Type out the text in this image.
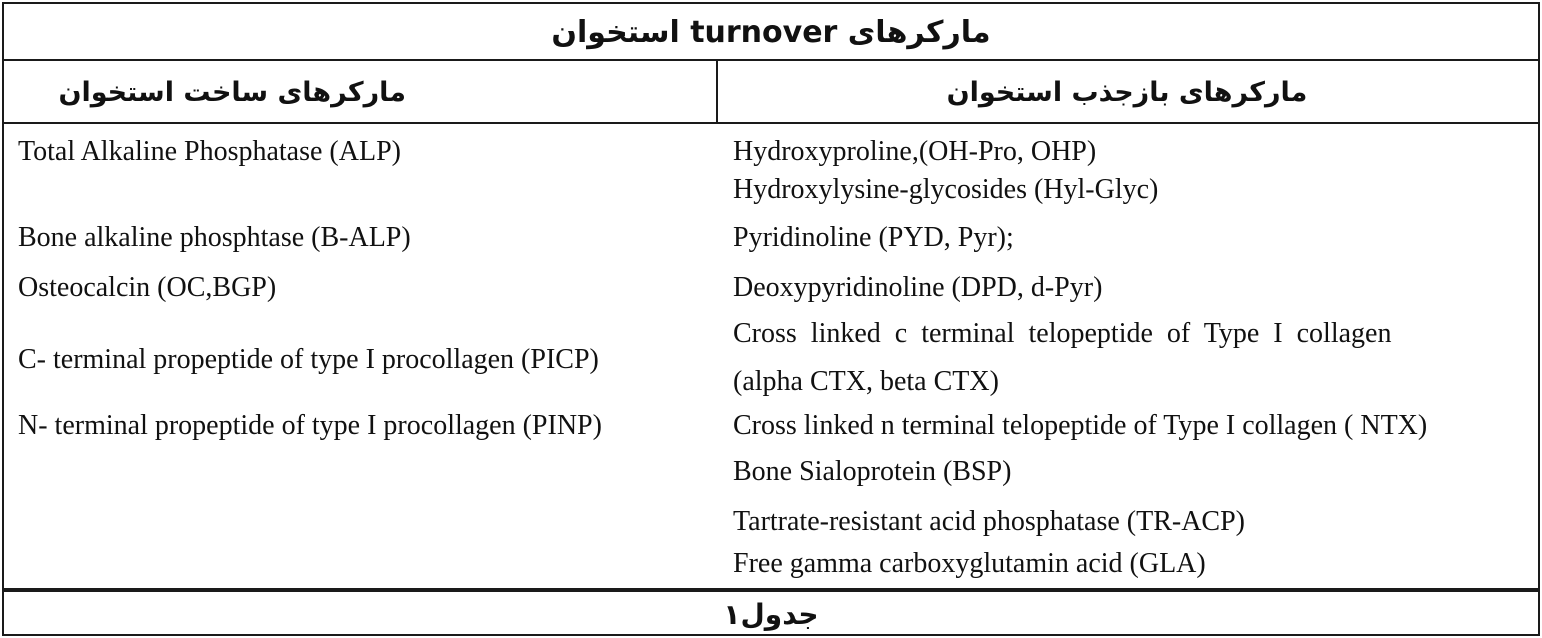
مارکرهای turnover استخوان
مارکرهای ساخت استخوان	مارکرهای بازجذب استخوان
Total Alkaline Phosphatase (ALP)
Bone alkaline phosphtase (B-ALP)
Osteocalcin (OC,BGP)
C- terminal propeptide of type I procollagen (PICP)
N- terminal propeptide of type I procollagen (PINP)
Hydroxyproline,(OH-Pro, OHP)
Hydroxylysine-glycosides (Hyl-Glyc)
Pyridinoline (PYD, Pyr);
Deoxypyridinoline (DPD, d-Pyr)
Cross  linked  c  terminal  telopeptide  of  Type  I  collagen
(alpha CTX, beta CTX)
Cross linked n terminal telopeptide of Type I collagen ( NTX)
Bone Sialoprotein (BSP)
Tartrate-resistant acid phosphatase (TR-ACP)
Free gamma carboxyglutamin acid (GLA)
جدول۱
